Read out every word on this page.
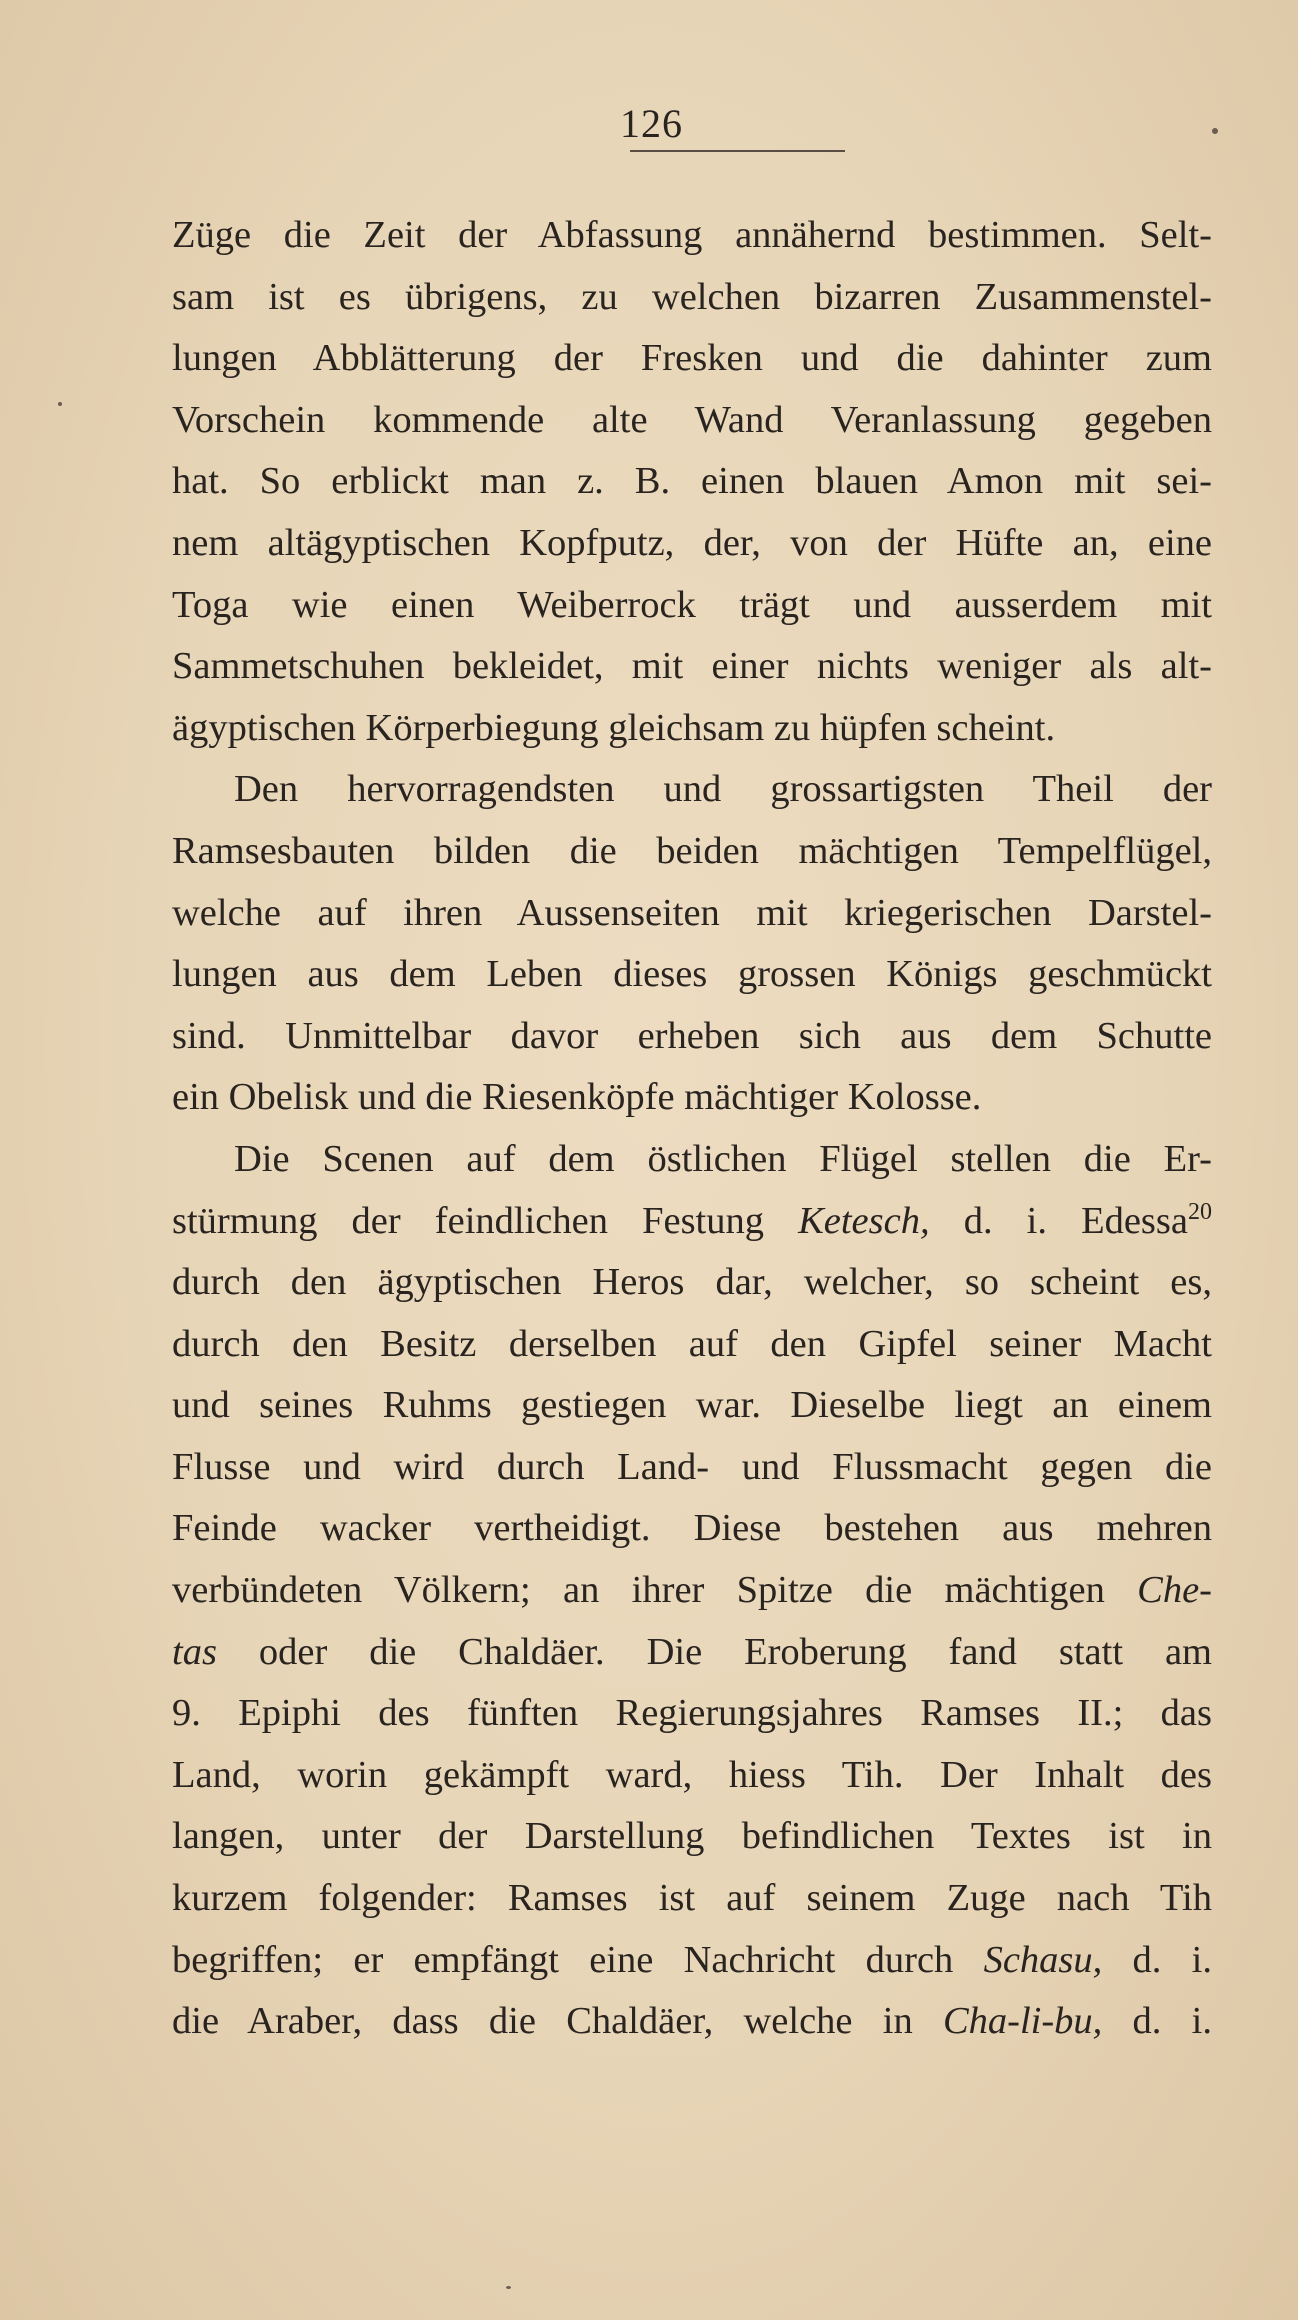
126
Züge die Zeit der Abfassung annähernd bestimmen. Selt-
sam ist es übrigens, zu welchen bizarren Zusammenstel-
lungen Abblätterung der Fresken und die dahinter zum
Vorschein kommende alte Wand Veranlassung gegeben
hat. So erblickt man z. B. einen blauen Amon mit sei-
nem altägyptischen Kopfputz, der, von der Hüfte an, eine
Toga wie einen Weiberrock trägt und ausserdem mit
Sammetschuhen bekleidet, mit einer nichts weniger als alt-
ägyptischen Körperbiegung gleichsam zu hüpfen scheint.
Den hervorragendsten und grossartigsten Theil der
Ramsesbauten bilden die beiden mächtigen Tempelflügel,
welche auf ihren Aussenseiten mit kriegerischen Darstel-
lungen aus dem Leben dieses grossen Königs geschmückt
sind. Unmittelbar davor erheben sich aus dem Schutte
ein Obelisk und die Riesenköpfe mächtiger Kolosse.
Die Scenen auf dem östlichen Flügel stellen die Er-
stürmung der feindlichen Festung Ketesch, d. i. Edessa$^{20}$
durch den ägyptischen Heros dar, welcher, so scheint es,
durch den Besitz derselben auf den Gipfel seiner Macht
und seines Ruhms gestiegen war. Dieselbe liegt an einem
Flusse und wird durch Land- und Flussmacht gegen die
Feinde wacker vertheidigt. Diese bestehen aus mehren
verbündeten Völkern; an ihrer Spitze die mächtigen Che-
tas oder die Chaldäer. Die Eroberung fand statt am
9. Epiphi des fünften Regierungsjahres Ramses II.; das
Land, worin gekämpft ward, hiess Tih. Der Inhalt des
langen, unter der Darstellung befindlichen Textes ist in
kurzem folgender: Ramses ist auf seinem Zuge nach Tih
begriffen; er empfängt eine Nachricht durch Schasu, d. i.
die Araber, dass die Chaldäer, welche in Cha-li-bu, d. i.
